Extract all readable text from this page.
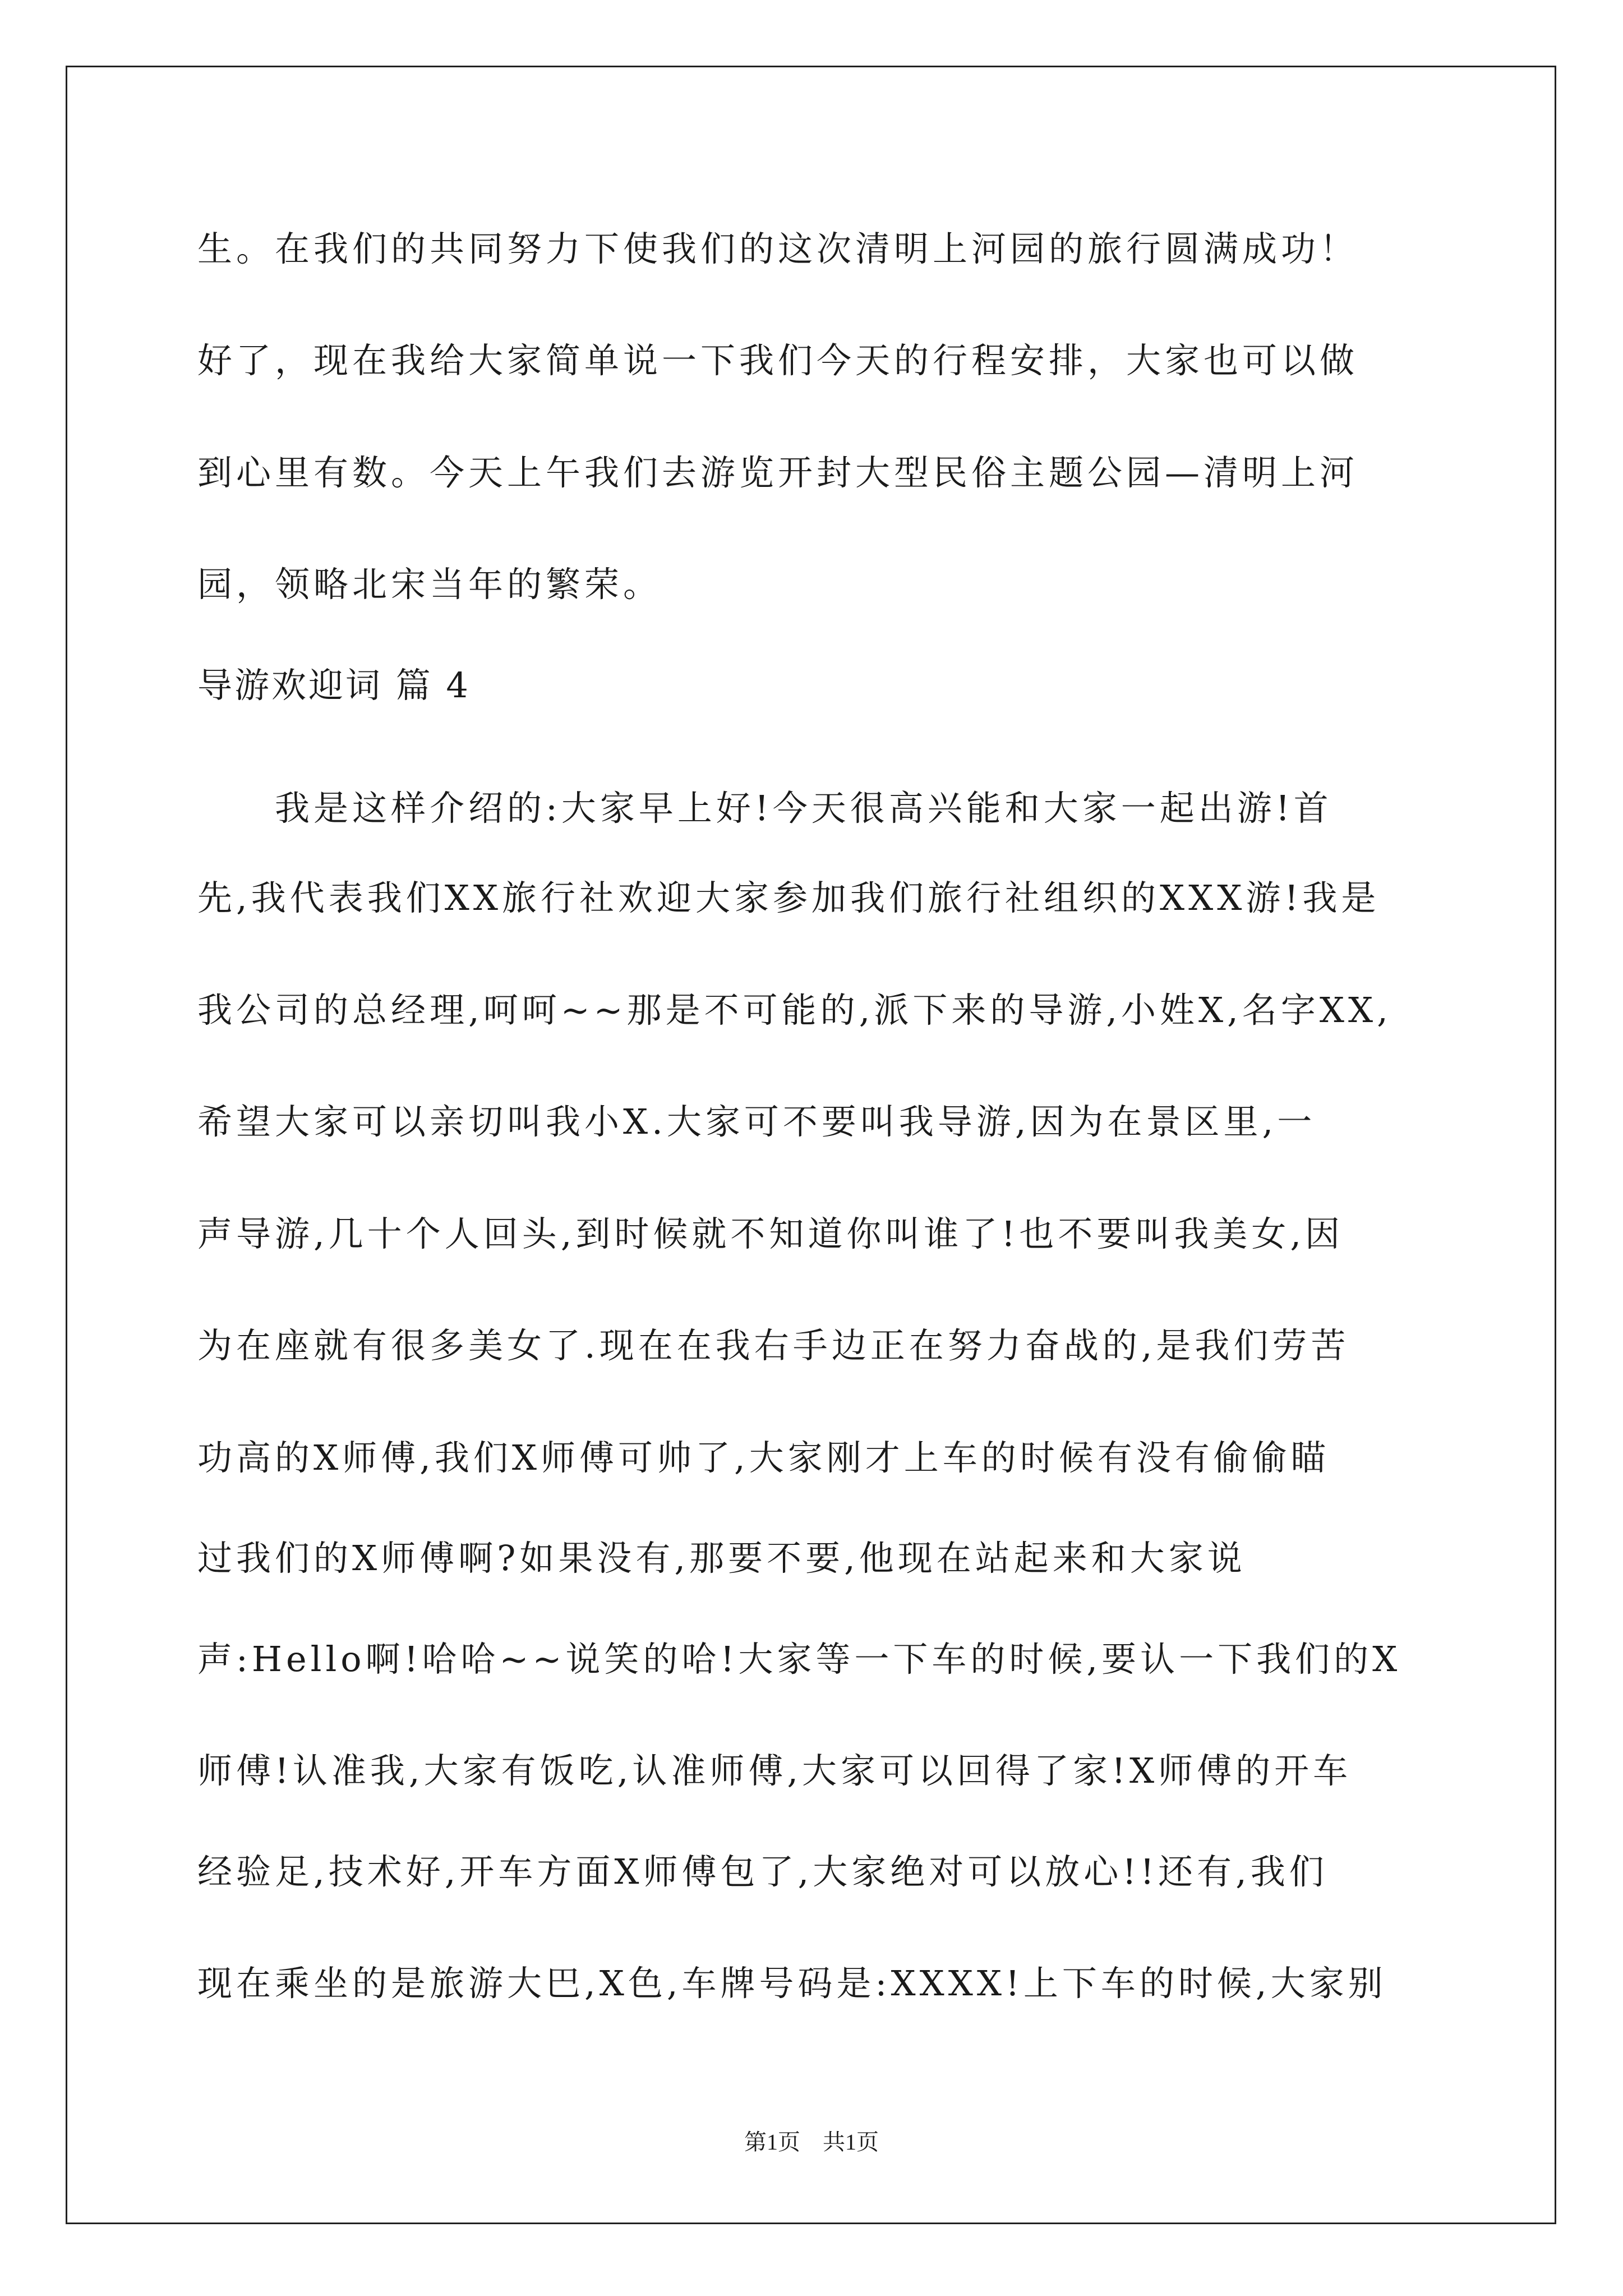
生。在我们的共同努力下使我们的这次清明上河园的旅行圆满成功！
好了，现在我给大家简单说一下我们今天的行程安排，大家也可以做
到心里有数。今天上午我们去游览开封大型民俗主题公园—清明上河
园，领略北宋当年的繁荣。
导游欢迎词 篇 4
　　我是这样介绍的:大家早上好!今天很高兴能和大家一起出游!首
先,我代表我们XX旅行社欢迎大家参加我们旅行社组织的XXX游!我是
我公司的总经理,呵呵~~那是不可能的,派下来的导游,小姓X,名字XX,
希望大家可以亲切叫我小X.大家可不要叫我导游,因为在景区里,一
声导游,几十个人回头,到时候就不知道你叫谁了!也不要叫我美女,因
为在座就有很多美女了.现在在我右手边正在努力奋战的,是我们劳苦
功高的X师傅,我们X师傅可帅了,大家刚才上车的时候有没有偷偷瞄
过我们的X师傅啊?如果没有,那要不要,他现在站起来和大家说
声:Hello啊!哈哈~~说笑的哈!大家等一下车的时候,要认一下我们的X
师傅!认准我,大家有饭吃,认准师傅,大家可以回得了家!X师傅的开车
经验足,技术好,开车方面X师傅包了,大家绝对可以放心!!还有,我们
现在乘坐的是旅游大巴,X色,车牌号码是:XXXX!上下车的时候,大家别
第1页　共1页
